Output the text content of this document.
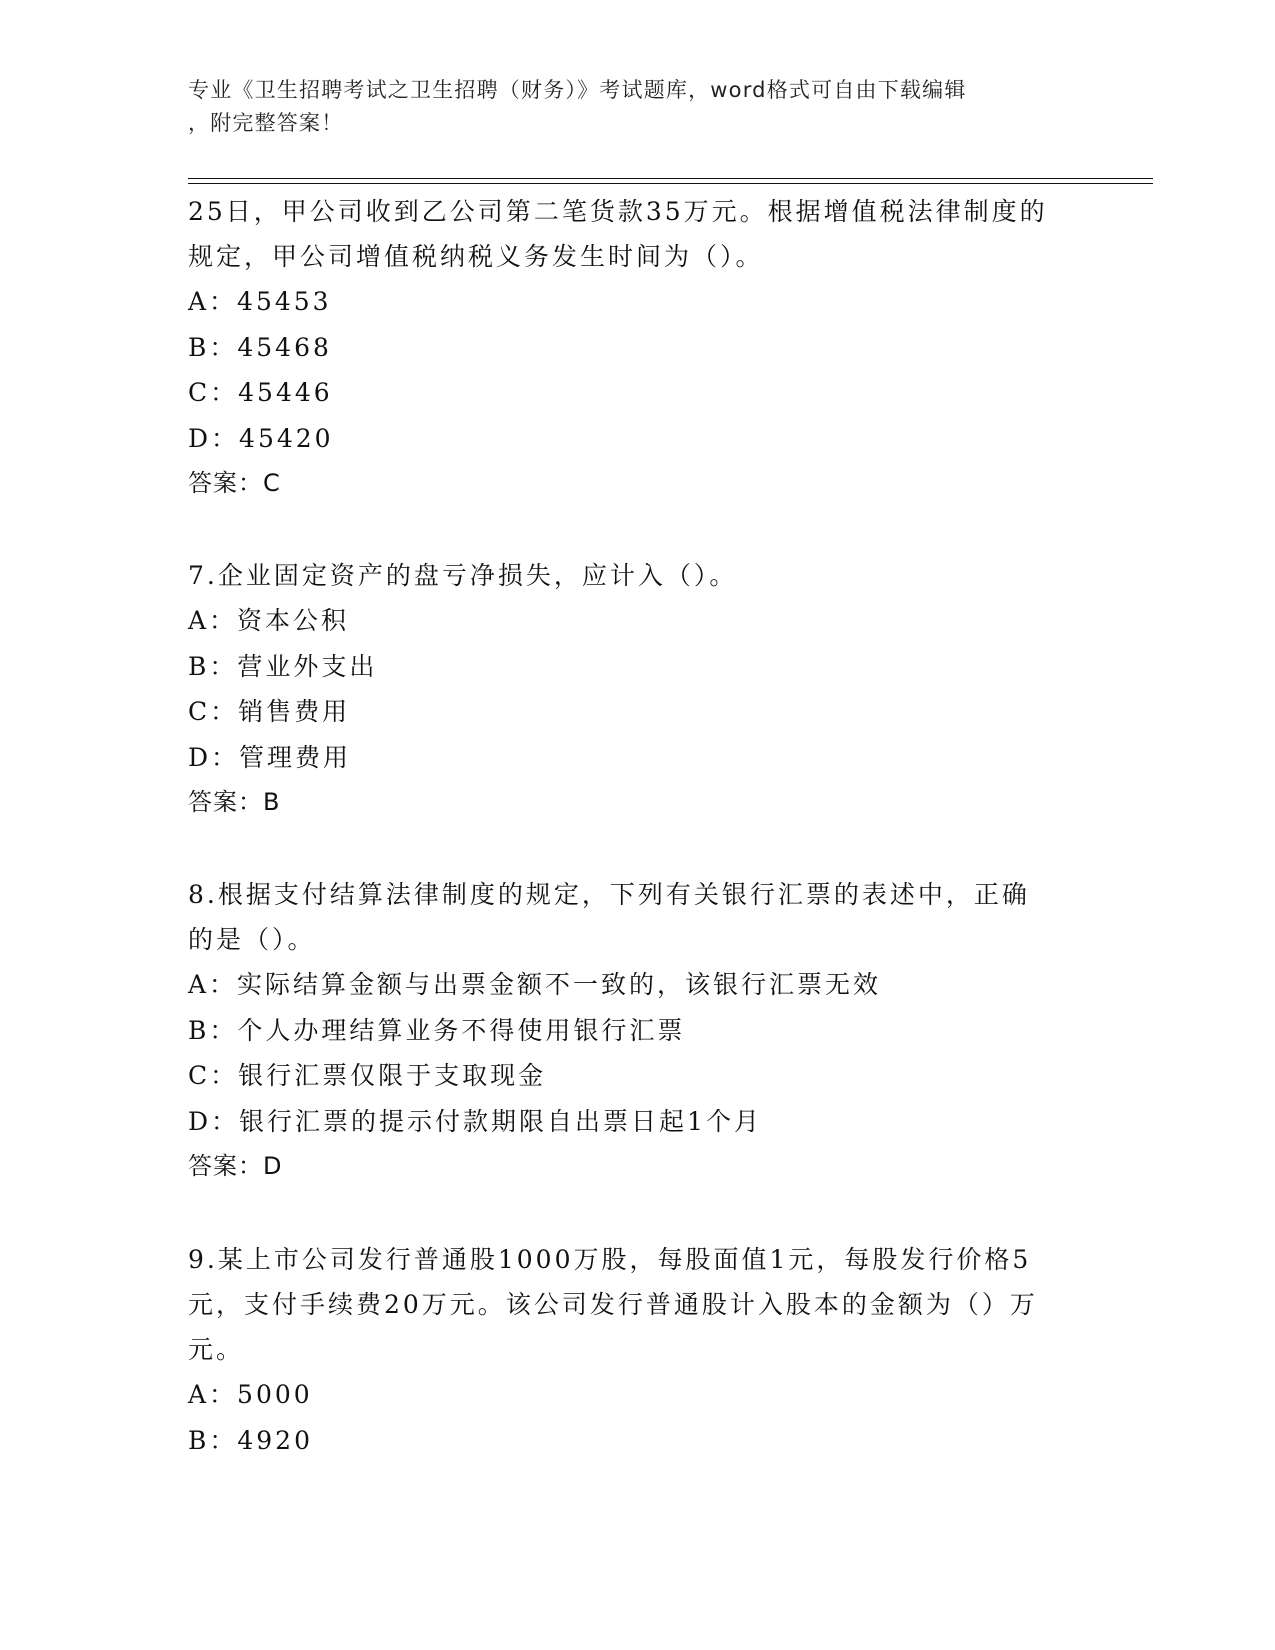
专业《卫生招聘考试之卫生招聘（财务）》考试题库，word格式可自由下载编辑
，附完整答案！

25日，甲公司收到乙公司第二笔货款35万元。根据增值税法律制度的

规定，甲公司增值税纳税义务发生时间为（）。

A：45453
B：45468
C：45446
D：45420
答案：C

7.企业固定资产的盘亏净损失，应计入（）。

A：资本公积
B：营业外支出
C：销售费用
D：管理费用
答案：B

8.根据支付结算法律制度的规定，下列有关银行汇票的表述中，正确

的是（）。

A：实际结算金额与出票金额不一致的，该银行汇票无效
B：个人办理结算业务不得使用银行汇票
C：银行汇票仅限于支取现金
D：银行汇票的提示付款期限自出票日起1个月
答案：D

9.某上市公司发行普通股1000万股，每股面值1元，每股发行价格5

元，支付手续费20万元。该公司发行普通股计入股本的金额为（）万

元。

A：5000
B：4920
